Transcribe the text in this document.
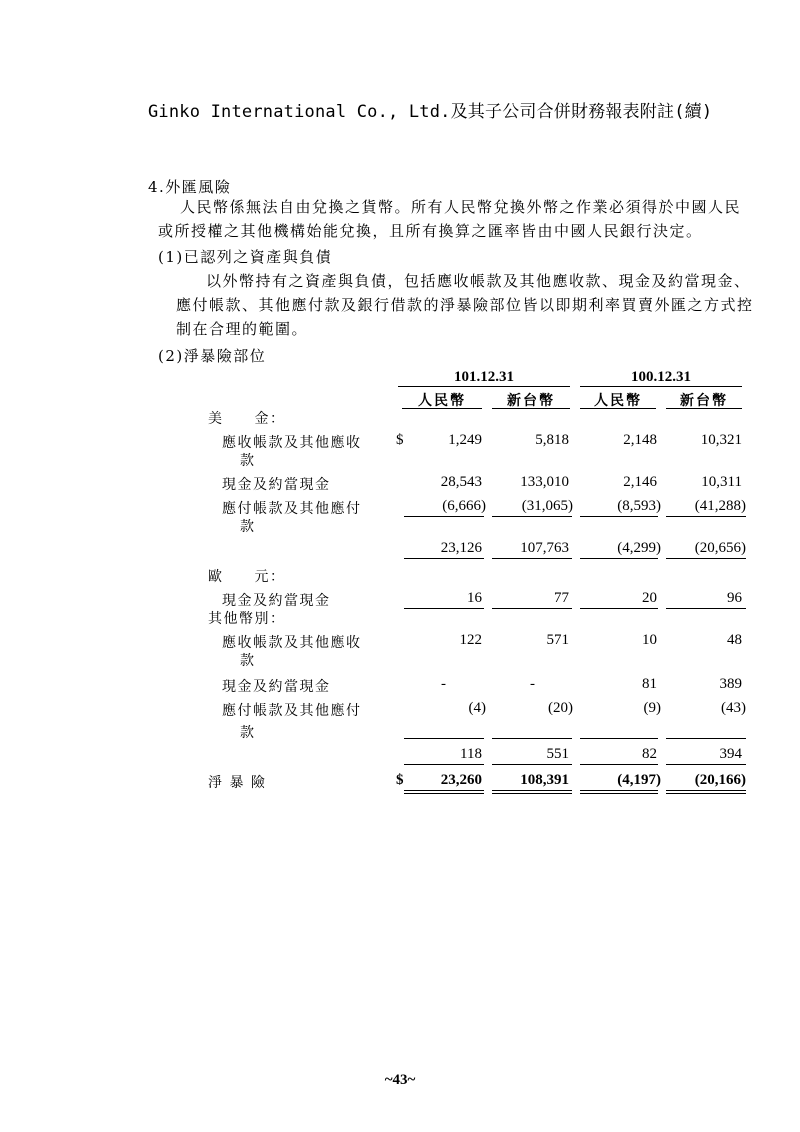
Ginko International Co., Ltd.及其子公司合併財務報表附註(續)
4.外匯風險
人民幣係無法自由兌換之貨幣。所有人民幣兌換外幣之作業必須得於中國人民
或所授權之其他機構始能兌換，且所有換算之匯率皆由中國人民銀行決定。
(1)已認列之資產與負債
以外幣持有之資產與負債，包括應收帳款及其他應收款、現金及約當現金、
應付帳款、其他應付款及銀行借款的淨暴險部位皆以即期利率買賣外匯之方式控
制在合理的範圍。
(2)淨暴險部位
101.12.31	100.12.31
人民幣	新台幣	人民幣	新台幣
美　　金：
應收帳款及其他應收
款
$	1,249	5,818	2,148	10,321
現金及約當現金	28,543	133,010	2,146	10,311
應付帳款及其他應付
款
(6,666) (31,065)	(8,593) (41,288)
23,126	107,763	(4,299) (20,656)
歐　　元：
現金及約當現金	16	77	20	96
其他幣別：
應收帳款及其他應收
款
122	571	10	48
現金及約當現金	-	-	81	389
應付帳款及其他應付
款
(4)	(20)	(9)	(43)
118	551	82	394
淨 暴 險	$ 23,260	108,391	(4,197) (20,166)
~43~
